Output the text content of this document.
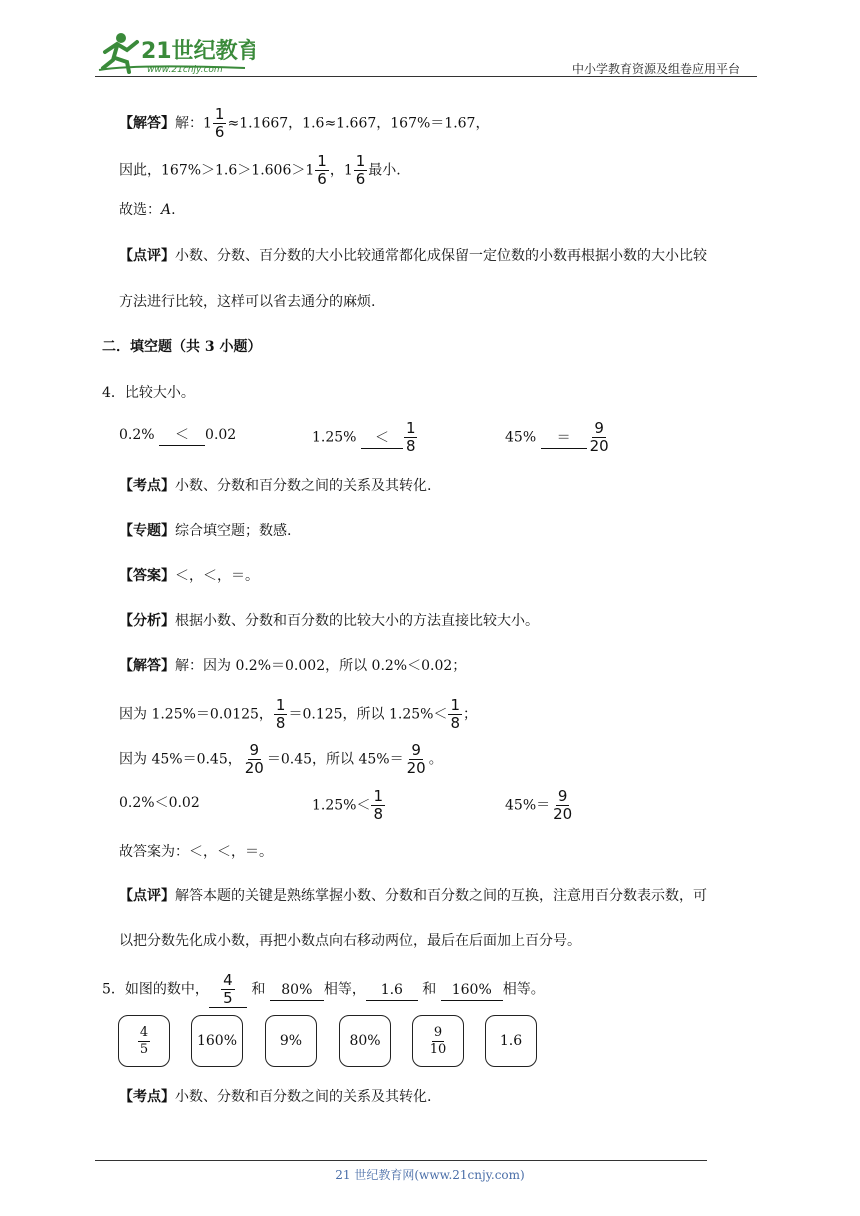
21世纪教育
www.21cnjy.com	中小学教育资源及组卷应用平台
【解答】解：$1 \frac{1}{6} \approx 1.1667$，1.6≈1.667，167%＝1.67，
因此，$167\%>1.6>1.606>1 \frac{1}{6}$ ，$1 \frac{1}{6}$ 最小.
故选：A.
【点评】小数、分数、百分数的大小比较通常都化成保留一定位数的小数再根据小数的大小比较
方法进行比较，这样可以省去通分的麻烦.
二．填空题（共 3 小题）
4．比较大小。
0.2% ＜ 0.02	$1.25\% < \frac{1}{8}$	$45\% = \frac{9}{20}$
【考点】小数、分数和百分数之间的关系及其转化.
【专题】综合填空题；数感.
【答案】＜，＜，＝。
【分析】根据小数、分数和百分数的比较大小的方法直接比较大小。
【解答】解：因为 0.2%＝0.002，所以 0.2%＜0.02；
因为 1.25%＝0.0125， $\frac{1}{8} =0.125$，所以 $1.25\%< \frac{1}{8}$ ；
因为 45%＝0.45， $\frac{9}{20} =0.45$，所以 $45\%= \frac{9}{20}$ 。
0.2%＜0.02	$1.25\%< \frac{1}{8}$	$45\%= \frac{9}{20}$
故答案为：＜，＜，＝。
【点评】解答本题的关键是熟练掌握小数、分数和百分数之间的互换，注意用百分数表示数，可
以把分数先化成小数，再把小数点向右移动两位，最后在后面加上百分号。
5．如图的数中， $\frac{4}{5}$ 和 80% 相等， 1.6 和 160% 相等。
$\frac{4}{5}$	160%	9%	80%	$\frac{9}{10}$	1.6
【考点】小数、分数和百分数之间的关系及其转化.
21 世纪教育网(www.21cnjy.com)
